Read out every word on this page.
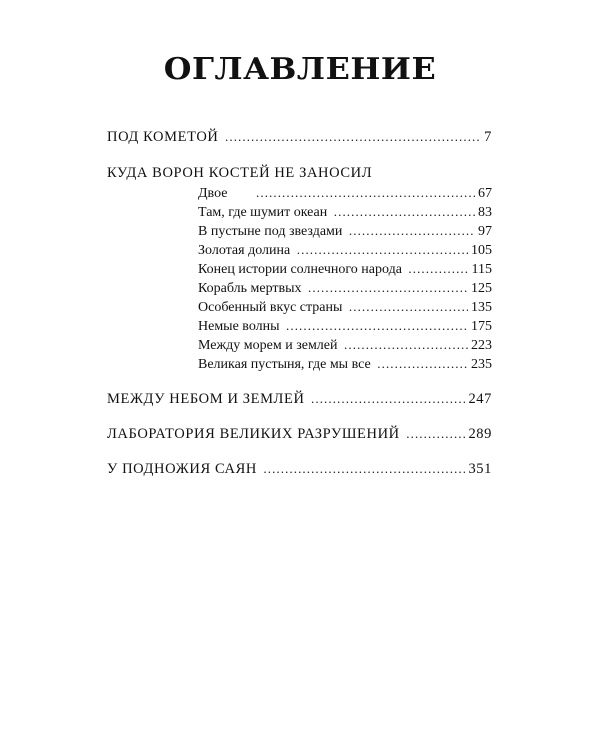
ОГЛАВЛЕНИЕ
ПОД КОМЕТОЙ …………………………………………………………………………………………………………………………………………………………	7
КУДА ВОРОН КОСТЕЙ НЕ ЗАНОСИЛ
Двое …………………………………………………………………………………………………………………………………………………………	67
Там, где шумит океан …………………………………………………………………………………………………………………………………………………………	83
В пустыне под звездами …………………………………………………………………………………………………………………………………………………………	97
Золотая долина …………………………………………………………………………………………………………………………………………………………	105
Конец истории солнечного народа …………………………………………………………………………………………………………………………………………………………	115
Корабль мертвых …………………………………………………………………………………………………………………………………………………………	125
Особенный вкус страны …………………………………………………………………………………………………………………………………………………………	135
Немые волны …………………………………………………………………………………………………………………………………………………………	175
Между морем и землей …………………………………………………………………………………………………………………………………………………………	223
Великая пустыня, где мы все …………………………………………………………………………………………………………………………………………………………	235
МЕЖДУ НЕБОМ И ЗЕМЛЕЙ …………………………………………………………………………………………………………………………………………………………	247
ЛАБОРАТОРИЯ ВЕЛИКИХ РАЗРУШЕНИЙ …………………………………………………………………………………………………………………………………………………………	289
У ПОДНОЖИЯ САЯН …………………………………………………………………………………………………………………………………………………………	351
